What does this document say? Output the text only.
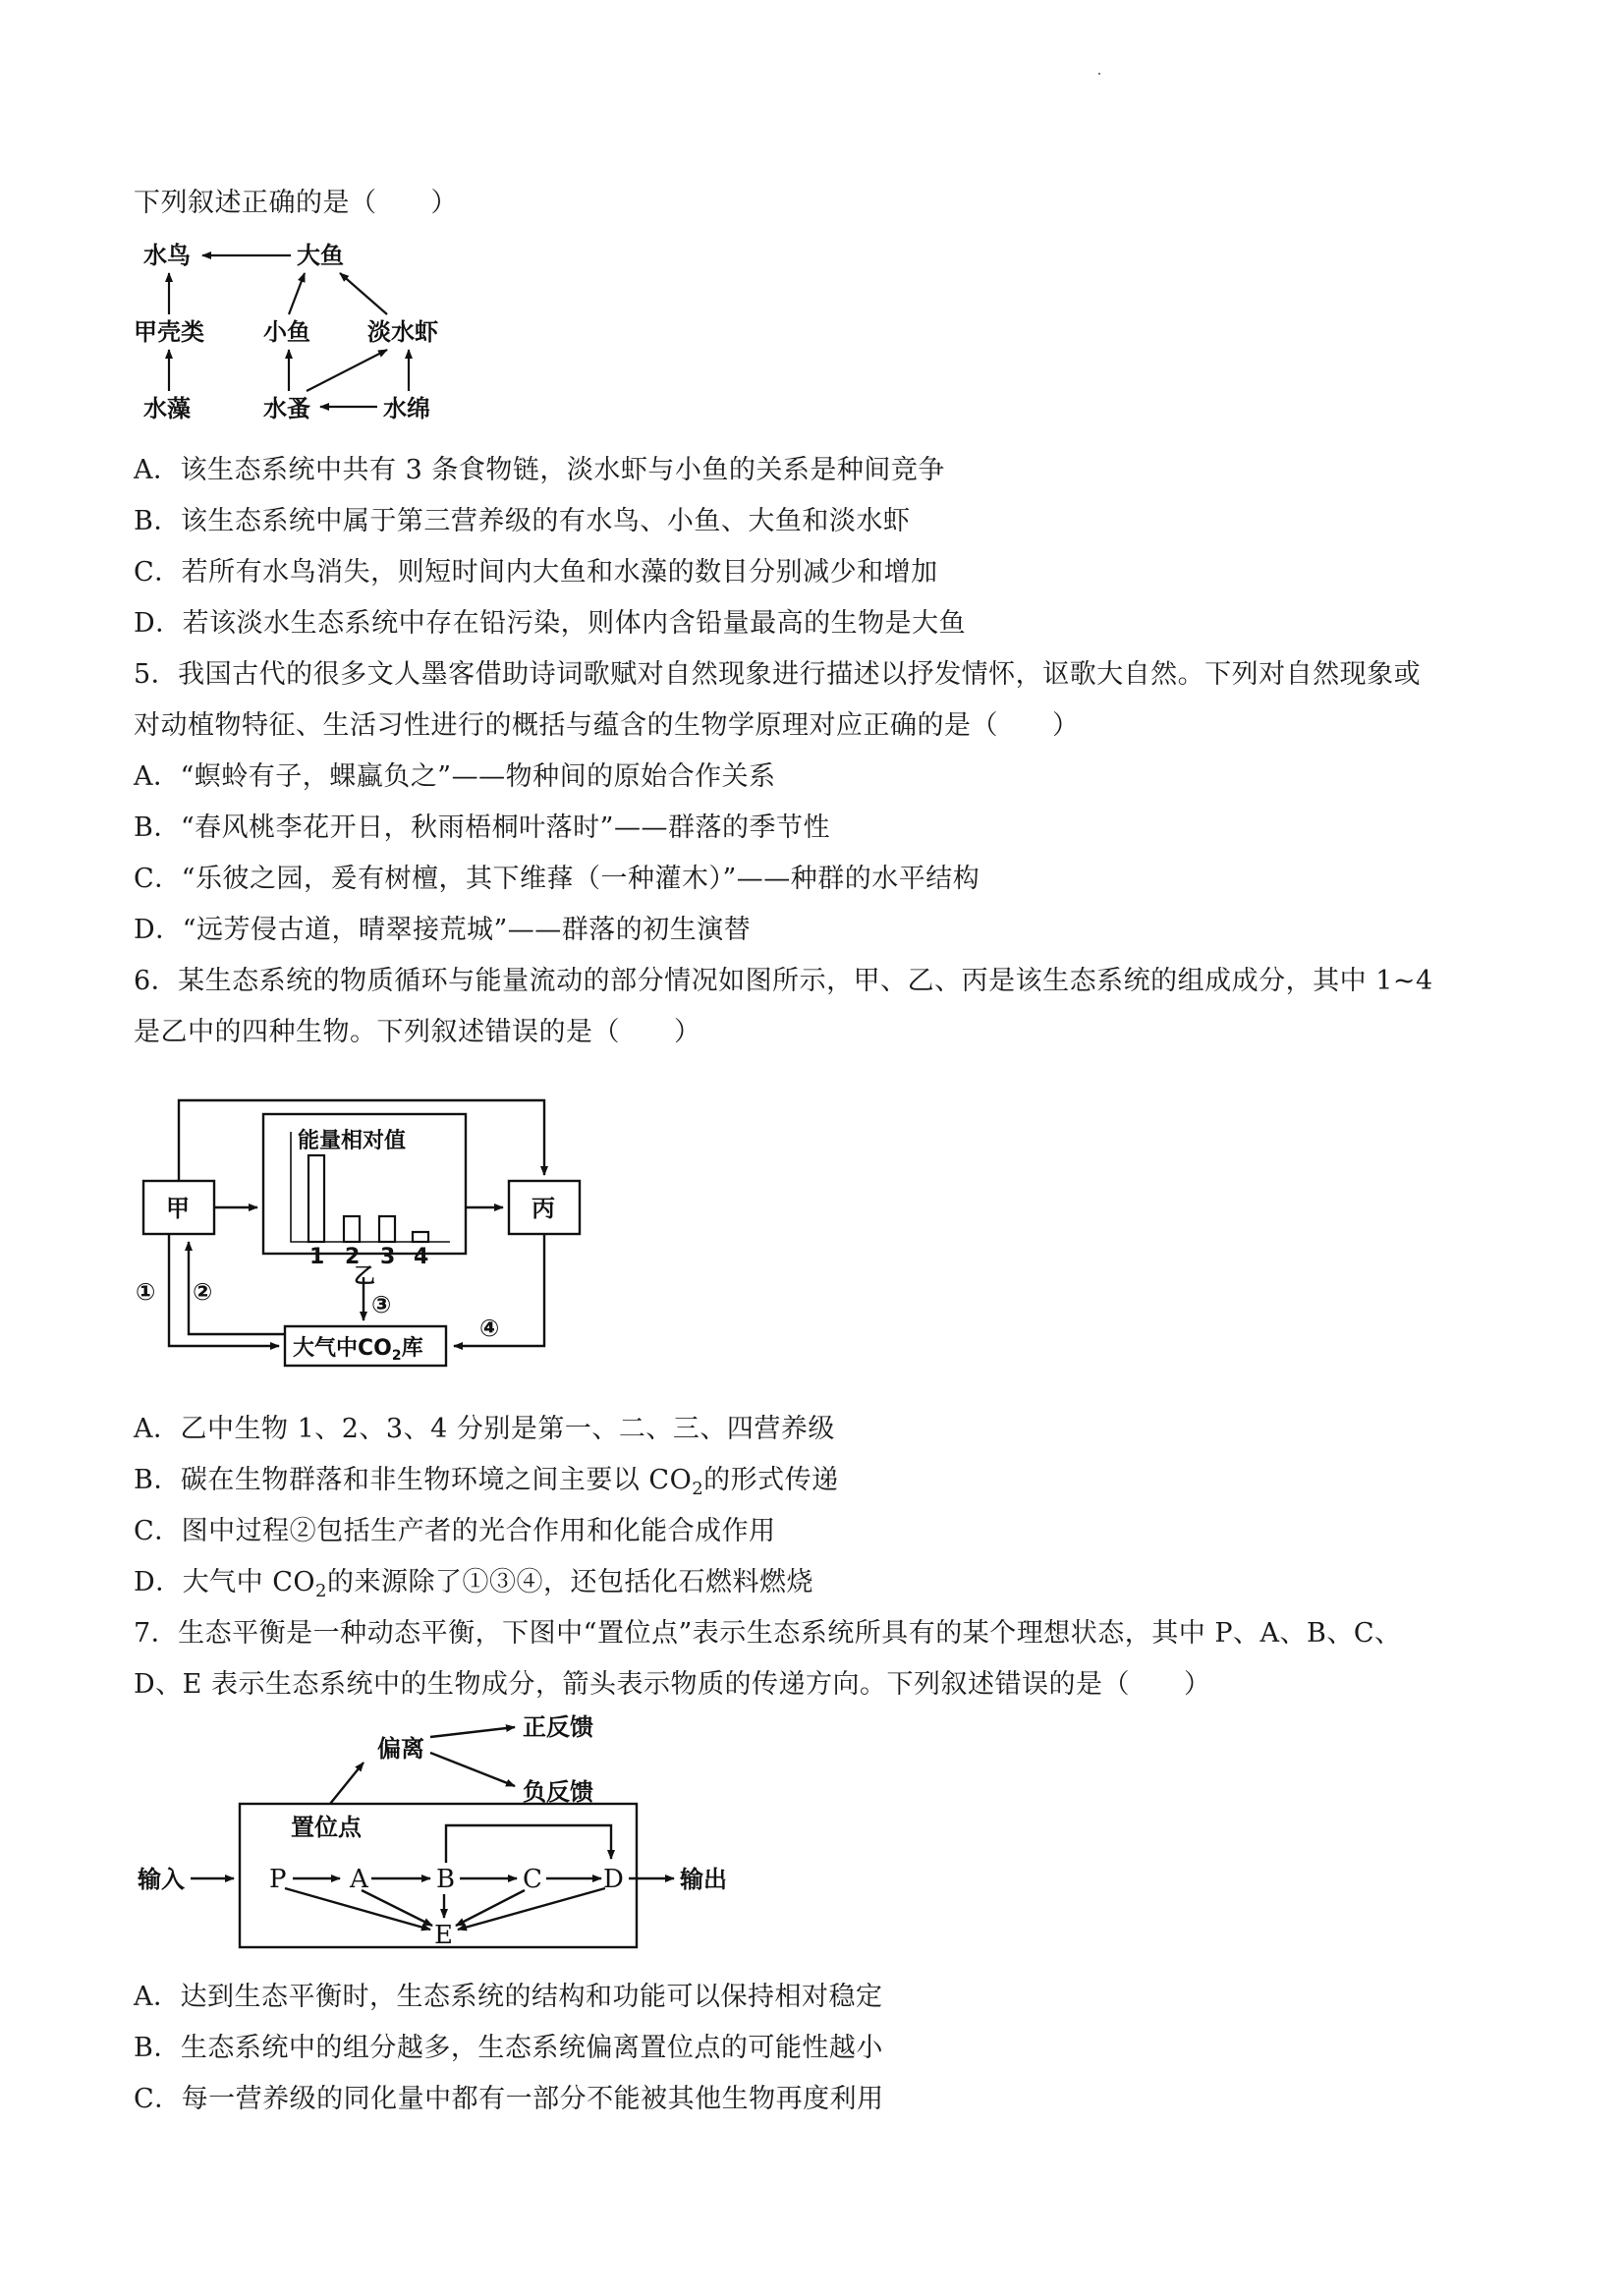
下列叙述正确的是（　　）
水鸟	大鱼
甲壳类	小鱼 淡水虾
水藻	水蚤	水绵
A．该生态系统中共有 3 条食物链，淡水虾与小鱼的关系是种间竞争
B．该生态系统中属于第三营养级的有水鸟、小鱼、大鱼和淡水虾
C．若所有水鸟消失，则短时间内大鱼和水藻的数目分别减少和增加
D．若该淡水生态系统中存在铅污染，则体内含铅量最高的生物是大鱼
5．我国古代的很多文人墨客借助诗词歌赋对自然现象进行描述以抒发情怀，讴歌大自然。下列对自然现象或
对动植物特征、生活习性进行的概括与蕴含的生物学原理对应正确的是（　　）
A．“螟蛉有子，蜾蠃负之”——物种间的原始合作关系
B．“春风桃李花开日，秋雨梧桐叶落时”——群落的季节性
C．“乐彼之园，爰有树檀，其下维萚（一种灌木）”——种群的水平结构
D．“远芳侵古道，晴翠接荒城”——群落的初生演替
6．某生态系统的物质循环与能量流动的部分情况如图所示，甲、乙、丙是该生态系统的组成成分，其中 1~4
是乙中的四种生物。下列叙述错误的是（　　）
甲	丙
能量相对值
乙
大气中$CO_2$库
① ②	③
④
1 2 3 4
A．乙中生物 1、2、3、4 分别是第一、二、三、四营养级
B．碳在生物群落和非生物环境之间主要以 $CO_2$的形式传递
C．图中过程②包括生产者的光合作用和化能合成作用
D．大气中 $CO_2$的来源除了①③④，还包括化石燃料燃烧
7．生态平衡是一种动态平衡，下图中“置位点”表示生态系统所具有的某个理想状态，其中 P、A、B、C、
D、E 表示生态系统中的生物成分，箭头表示物质的传递方向。下列叙述错误的是（　　）
偏离
正反馈
负反馈
置位点
输入	输出
P A	B	C D
E
A．达到生态平衡时，生态系统的结构和功能可以保持相对稳定
B．生态系统中的组分越多，生态系统偏离置位点的可能性越小
C．每一营养级的同化量中都有一部分不能被其他生物再度利用
